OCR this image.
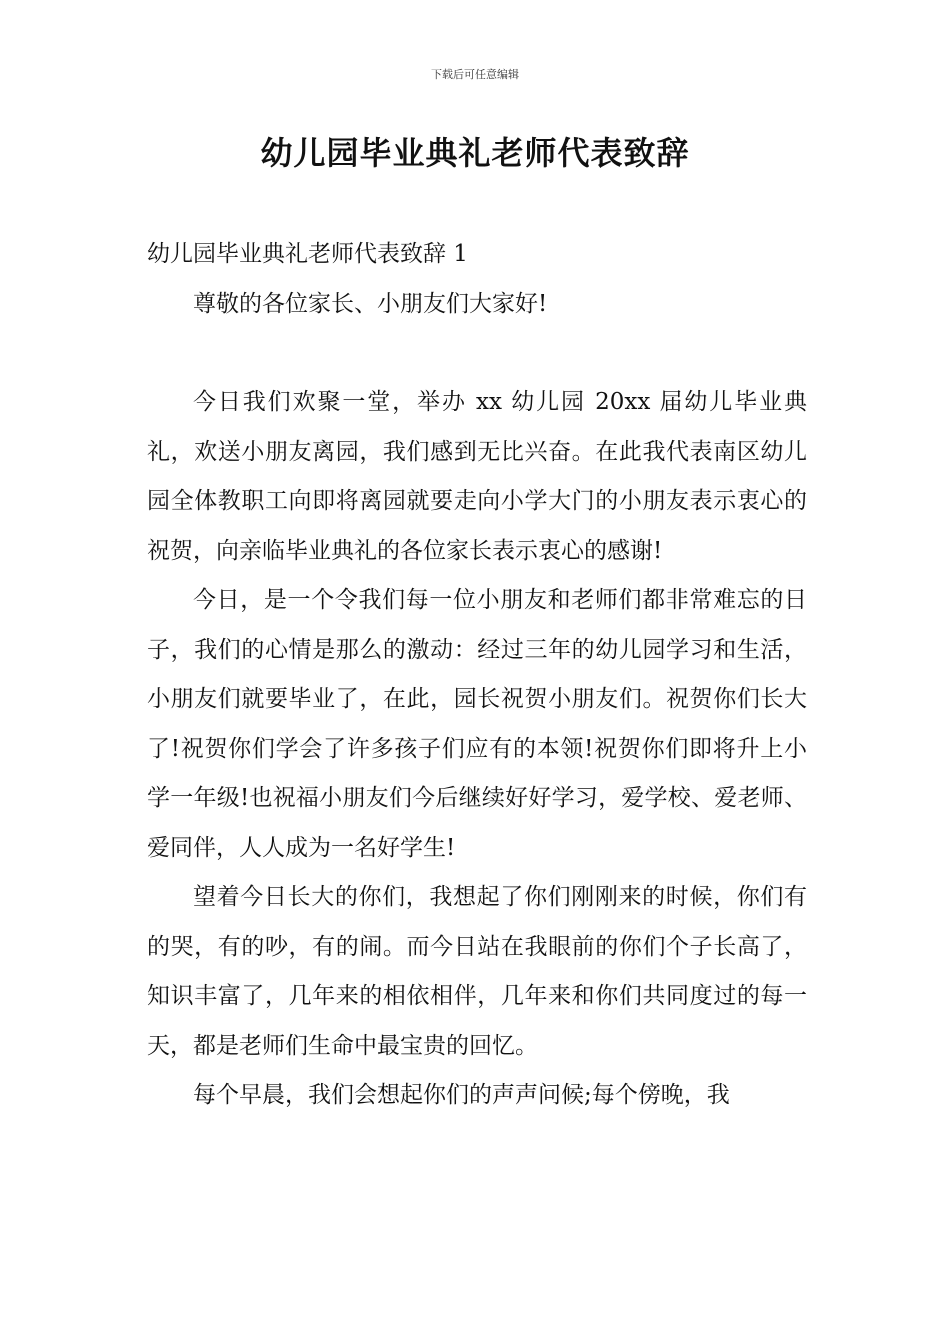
下载后可任意编辑
幼儿园毕业典礼老师代表致辞

幼儿园毕业典礼老师代表致辞 1

尊敬的各位家长、小朋友们大家好!

今日我们欢聚一堂，举办 xx 幼儿园 20xx 届幼儿毕业典礼，欢送小朋友离园，我们感到无比兴奋。在此我代表南区幼儿园全体教职工向即将离园就要走向小学大门的小朋友表示衷心的祝贺，向亲临毕业典礼的各位家长表示衷心的感谢!

今日，是一个令我们每一位小朋友和老师们都非常难忘的日子，我们的心情是那么的激动：经过三年的幼儿园学习和生活，小朋友们就要毕业了，在此，园长祝贺小朋友们。祝贺你们长大了!祝贺你们学会了许多孩子们应有的本领!祝贺你们即将升上小学一年级!也祝福小朋友们今后继续好好学习，爱学校、爱老师、爱同伴，人人成为一名好学生!

望着今日长大的你们，我想起了你们刚刚来的时候，你们有的哭，有的吵，有的闹。而今日站在我眼前的你们个子长高了，知识丰富了，几年来的相依相伴，几年来和你们共同度过的每一天，都是老师们生命中最宝贵的回忆。

每个早晨，我们会想起你们的声声问候;每个傍晚，我
